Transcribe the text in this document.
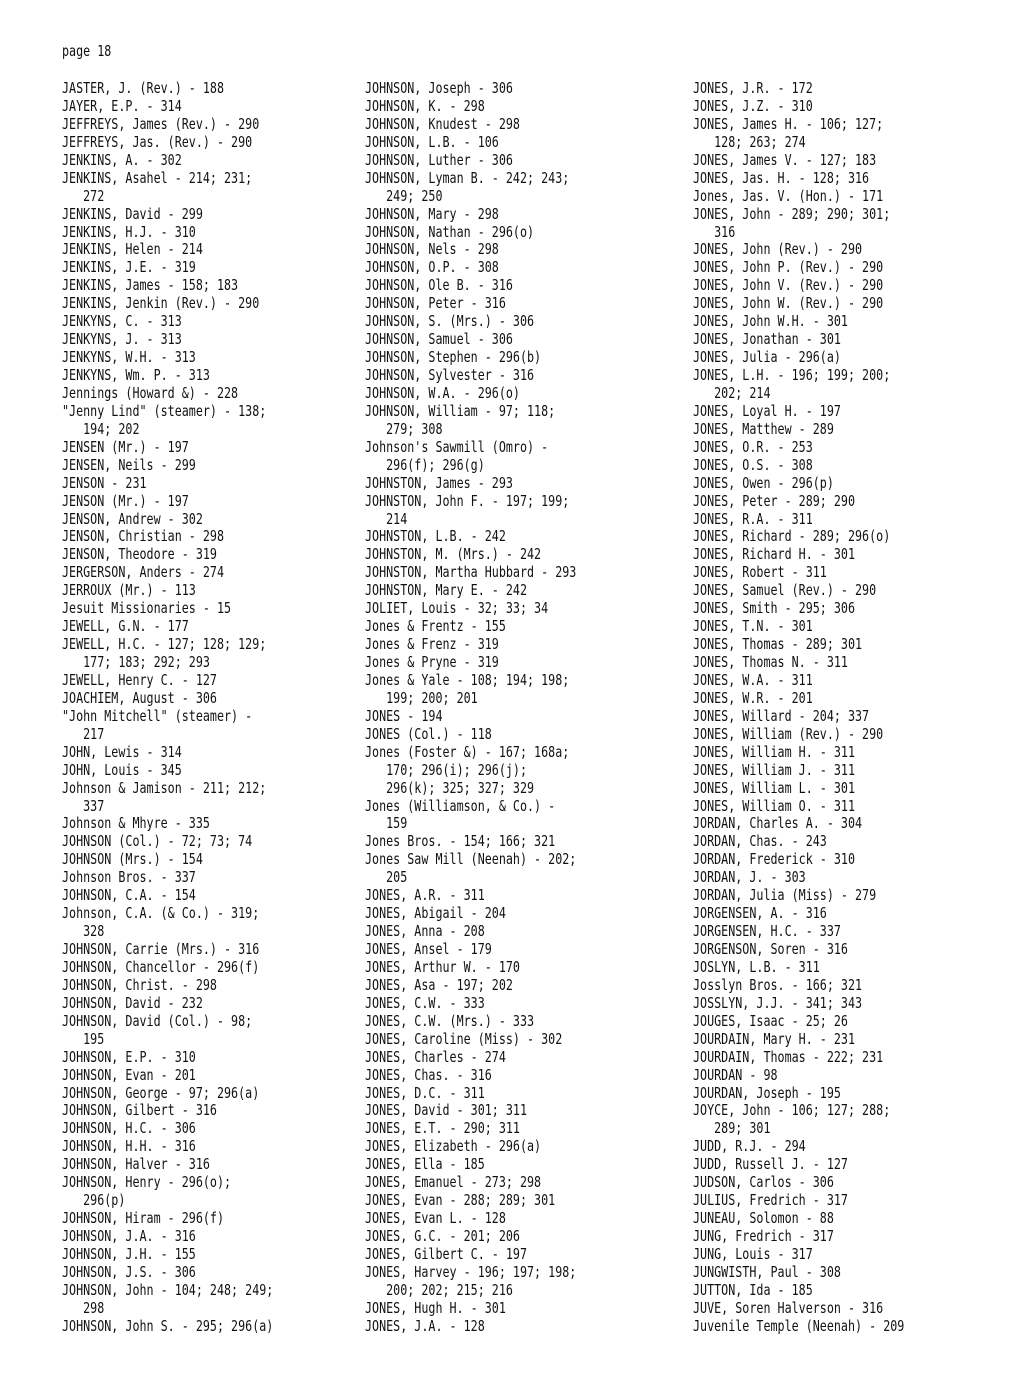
page 18
JASTER, J. (Rev.) - 188
JAYER, E.P. - 314
JEFFREYS, James (Rev.) - 290
JEFFREYS, Jas. (Rev.) - 290
JENKINS, A. - 302
JENKINS, Asahel - 214; 231;
272
JENKINS, David - 299
JENKINS, H.J. - 310
JENKINS, Helen - 214
JENKINS, J.E. - 319
JENKINS, James - 158; 183
JENKINS, Jenkin (Rev.) - 290
JENKYNS, C. - 313
JENKYNS, J. - 313
JENKYNS, W.H. - 313
JENKYNS, Wm. P. - 313
Jennings (Howard &) - 228
"Jenny Lind" (steamer) - 138;
194; 202
JENSEN (Mr.) - 197
JENSEN, Neils - 299
JENSON - 231
JENSON (Mr.) - 197
JENSON, Andrew - 302
JENSON, Christian - 298
JENSON, Theodore - 319
JERGERSON, Anders - 274
JERROUX (Mr.) - 113
Jesuit Missionaries - 15
JEWELL, G.N. - 177
JEWELL, H.C. - 127; 128; 129;
177; 183; 292; 293
JEWELL, Henry C. - 127
JOACHIEM, August - 306
"John Mitchell" (steamer) -
217
JOHN, Lewis - 314
JOHN, Louis - 345
Johnson & Jamison - 211; 212;
337
Johnson & Mhyre - 335
JOHNSON (Col.) - 72; 73; 74
JOHNSON (Mrs.) - 154
Johnson Bros. - 337
JOHNSON, C.A. - 154
Johnson, C.A. (& Co.) - 319;
328
JOHNSON, Carrie (Mrs.) - 316
JOHNSON, Chancellor - 296(f)
JOHNSON, Christ. - 298
JOHNSON, David - 232
JOHNSON, David (Col.) - 98;
195
JOHNSON, E.P. - 310
JOHNSON, Evan - 201
JOHNSON, George - 97; 296(a)
JOHNSON, Gilbert - 316
JOHNSON, H.C. - 306
JOHNSON, H.H. - 316
JOHNSON, Halver - 316
JOHNSON, Henry - 296(o);
296(p)
JOHNSON, Hiram - 296(f)
JOHNSON, J.A. - 316
JOHNSON, J.H. - 155
JOHNSON, J.S. - 306
JOHNSON, John - 104; 248; 249;
298
JOHNSON, John S. - 295; 296(a)
JOHNSON, Joseph - 306
JOHNSON, K. - 298
JOHNSON, Knudest - 298
JOHNSON, L.B. - 106
JOHNSON, Luther - 306
JOHNSON, Lyman B. - 242; 243;
249; 250
JOHNSON, Mary - 298
JOHNSON, Nathan - 296(o)
JOHNSON, Nels - 298
JOHNSON, O.P. - 308
JOHNSON, Ole B. - 316
JOHNSON, Peter - 316
JOHNSON, S. (Mrs.) - 306
JOHNSON, Samuel - 306
JOHNSON, Stephen - 296(b)
JOHNSON, Sylvester - 316
JOHNSON, W.A. - 296(o)
JOHNSON, William - 97; 118;
279; 308
Johnson's Sawmill (Omro) -
296(f); 296(g)
JOHNSTON, James - 293
JOHNSTON, John F. - 197; 199;
214
JOHNSTON, L.B. - 242
JOHNSTON, M. (Mrs.) - 242
JOHNSTON, Martha Hubbard - 293
JOHNSTON, Mary E. - 242
JOLIET, Louis - 32; 33; 34
Jones & Frentz - 155
Jones & Frenz - 319
Jones & Pryne - 319
Jones & Yale - 108; 194; 198;
199; 200; 201
JONES - 194
JONES (Col.) - 118
Jones (Foster &) - 167; 168a;
170; 296(i); 296(j);
296(k); 325; 327; 329
Jones (Williamson, & Co.) -
159
Jones Bros. - 154; 166; 321
Jones Saw Mill (Neenah) - 202;
205
JONES, A.R. - 311
JONES, Abigail - 204
JONES, Anna - 208
JONES, Ansel - 179
JONES, Arthur W. - 170
JONES, Asa - 197; 202
JONES, C.W. - 333
JONES, C.W. (Mrs.) - 333
JONES, Caroline (Miss) - 302
JONES, Charles - 274
JONES, Chas. - 316
JONES, D.C. - 311
JONES, David - 301; 311
JONES, E.T. - 290; 311
JONES, Elizabeth - 296(a)
JONES, Ella - 185
JONES, Emanuel - 273; 298
JONES, Evan - 288; 289; 301
JONES, Evan L. - 128
JONES, G.C. - 201; 206
JONES, Gilbert C. - 197
JONES, Harvey - 196; 197; 198;
200; 202; 215; 216
JONES, Hugh H. - 301
JONES, J.A. - 128
JONES, J.R. - 172
JONES, J.Z. - 310
JONES, James H. - 106; 127;
128; 263; 274
JONES, James V. - 127; 183
JONES, Jas. H. - 128; 316
Jones, Jas. V. (Hon.) - 171
JONES, John - 289; 290; 301;
316
JONES, John (Rev.) - 290
JONES, John P. (Rev.) - 290
JONES, John V. (Rev.) - 290
JONES, John W. (Rev.) - 290
JONES, John W.H. - 301
JONES, Jonathan - 301
JONES, Julia - 296(a)
JONES, L.H. - 196; 199; 200;
202; 214
JONES, Loyal H. - 197
JONES, Matthew - 289
JONES, O.R. - 253
JONES, O.S. - 308
JONES, Owen - 296(p)
JONES, Peter - 289; 290
JONES, R.A. - 311
JONES, Richard - 289; 296(o)
JONES, Richard H. - 301
JONES, Robert - 311
JONES, Samuel (Rev.) - 290
JONES, Smith - 295; 306
JONES, T.N. - 301
JONES, Thomas - 289; 301
JONES, Thomas N. - 311
JONES, W.A. - 311
JONES, W.R. - 201
JONES, Willard - 204; 337
JONES, William (Rev.) - 290
JONES, William H. - 311
JONES, William J. - 311
JONES, William L. - 301
JONES, William O. - 311
JORDAN, Charles A. - 304
JORDAN, Chas. - 243
JORDAN, Frederick - 310
JORDAN, J. - 303
JORDAN, Julia (Miss) - 279
JORGENSEN, A. - 316
JORGENSEN, H.C. - 337
JORGENSON, Soren - 316
JOSLYN, L.B. - 311
Josslyn Bros. - 166; 321
JOSSLYN, J.J. - 341; 343
JOUGES, Isaac - 25; 26
JOURDAIN, Mary H. - 231
JOURDAIN, Thomas - 222; 231
JOURDAN - 98
JOURDAN, Joseph - 195
JOYCE, John - 106; 127; 288;
289; 301
JUDD, R.J. - 294
JUDD, Russell J. - 127
JUDSON, Carlos - 306
JULIUS, Fredrich - 317
JUNEAU, Solomon - 88
JUNG, Fredrich - 317
JUNG, Louis - 317
JUNGWISTH, Paul - 308
JUTTON, Ida - 185
JUVE, Soren Halverson - 316
Juvenile Temple (Neenah) - 209
